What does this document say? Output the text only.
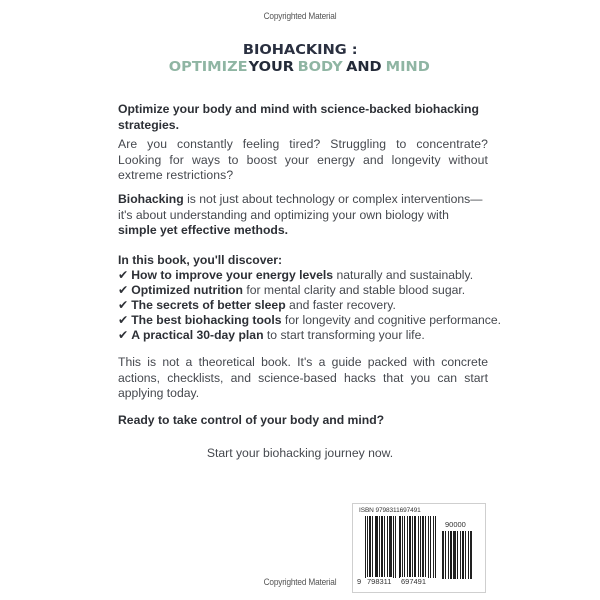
Copyrighted Material
BIOHACKING :
OPTIMIZEYOUR BODY AND MIND
Optimize your body and mind with science-backed biohacking strategies.
Are you constantly feeling tired? Struggling to concentrate? Looking for ways to boost your energy and longevity without extreme restrictions?
Biohacking is not just about technology or complex interventions—it's about understanding and optimizing your own biology with simple yet effective methods.
In this book, you'll discover:
✔ How to improve your energy levels naturally and sustainably.
✔ Optimized nutrition for mental clarity and stable blood sugar.
✔ The secrets of better sleep and faster recovery.
✔ The best biohacking tools for longevity and cognitive performance.
✔ A practical 30-day plan to start transforming your life.
This is not a theoretical book. It's a guide packed with concrete actions, checklists, and science-based hacks that you can start applying today.
Ready to take control of your body and mind?
Start your biohacking journey now.
ISBN 9798311697491
90000
9 798311 697491
Copyrighted Material
